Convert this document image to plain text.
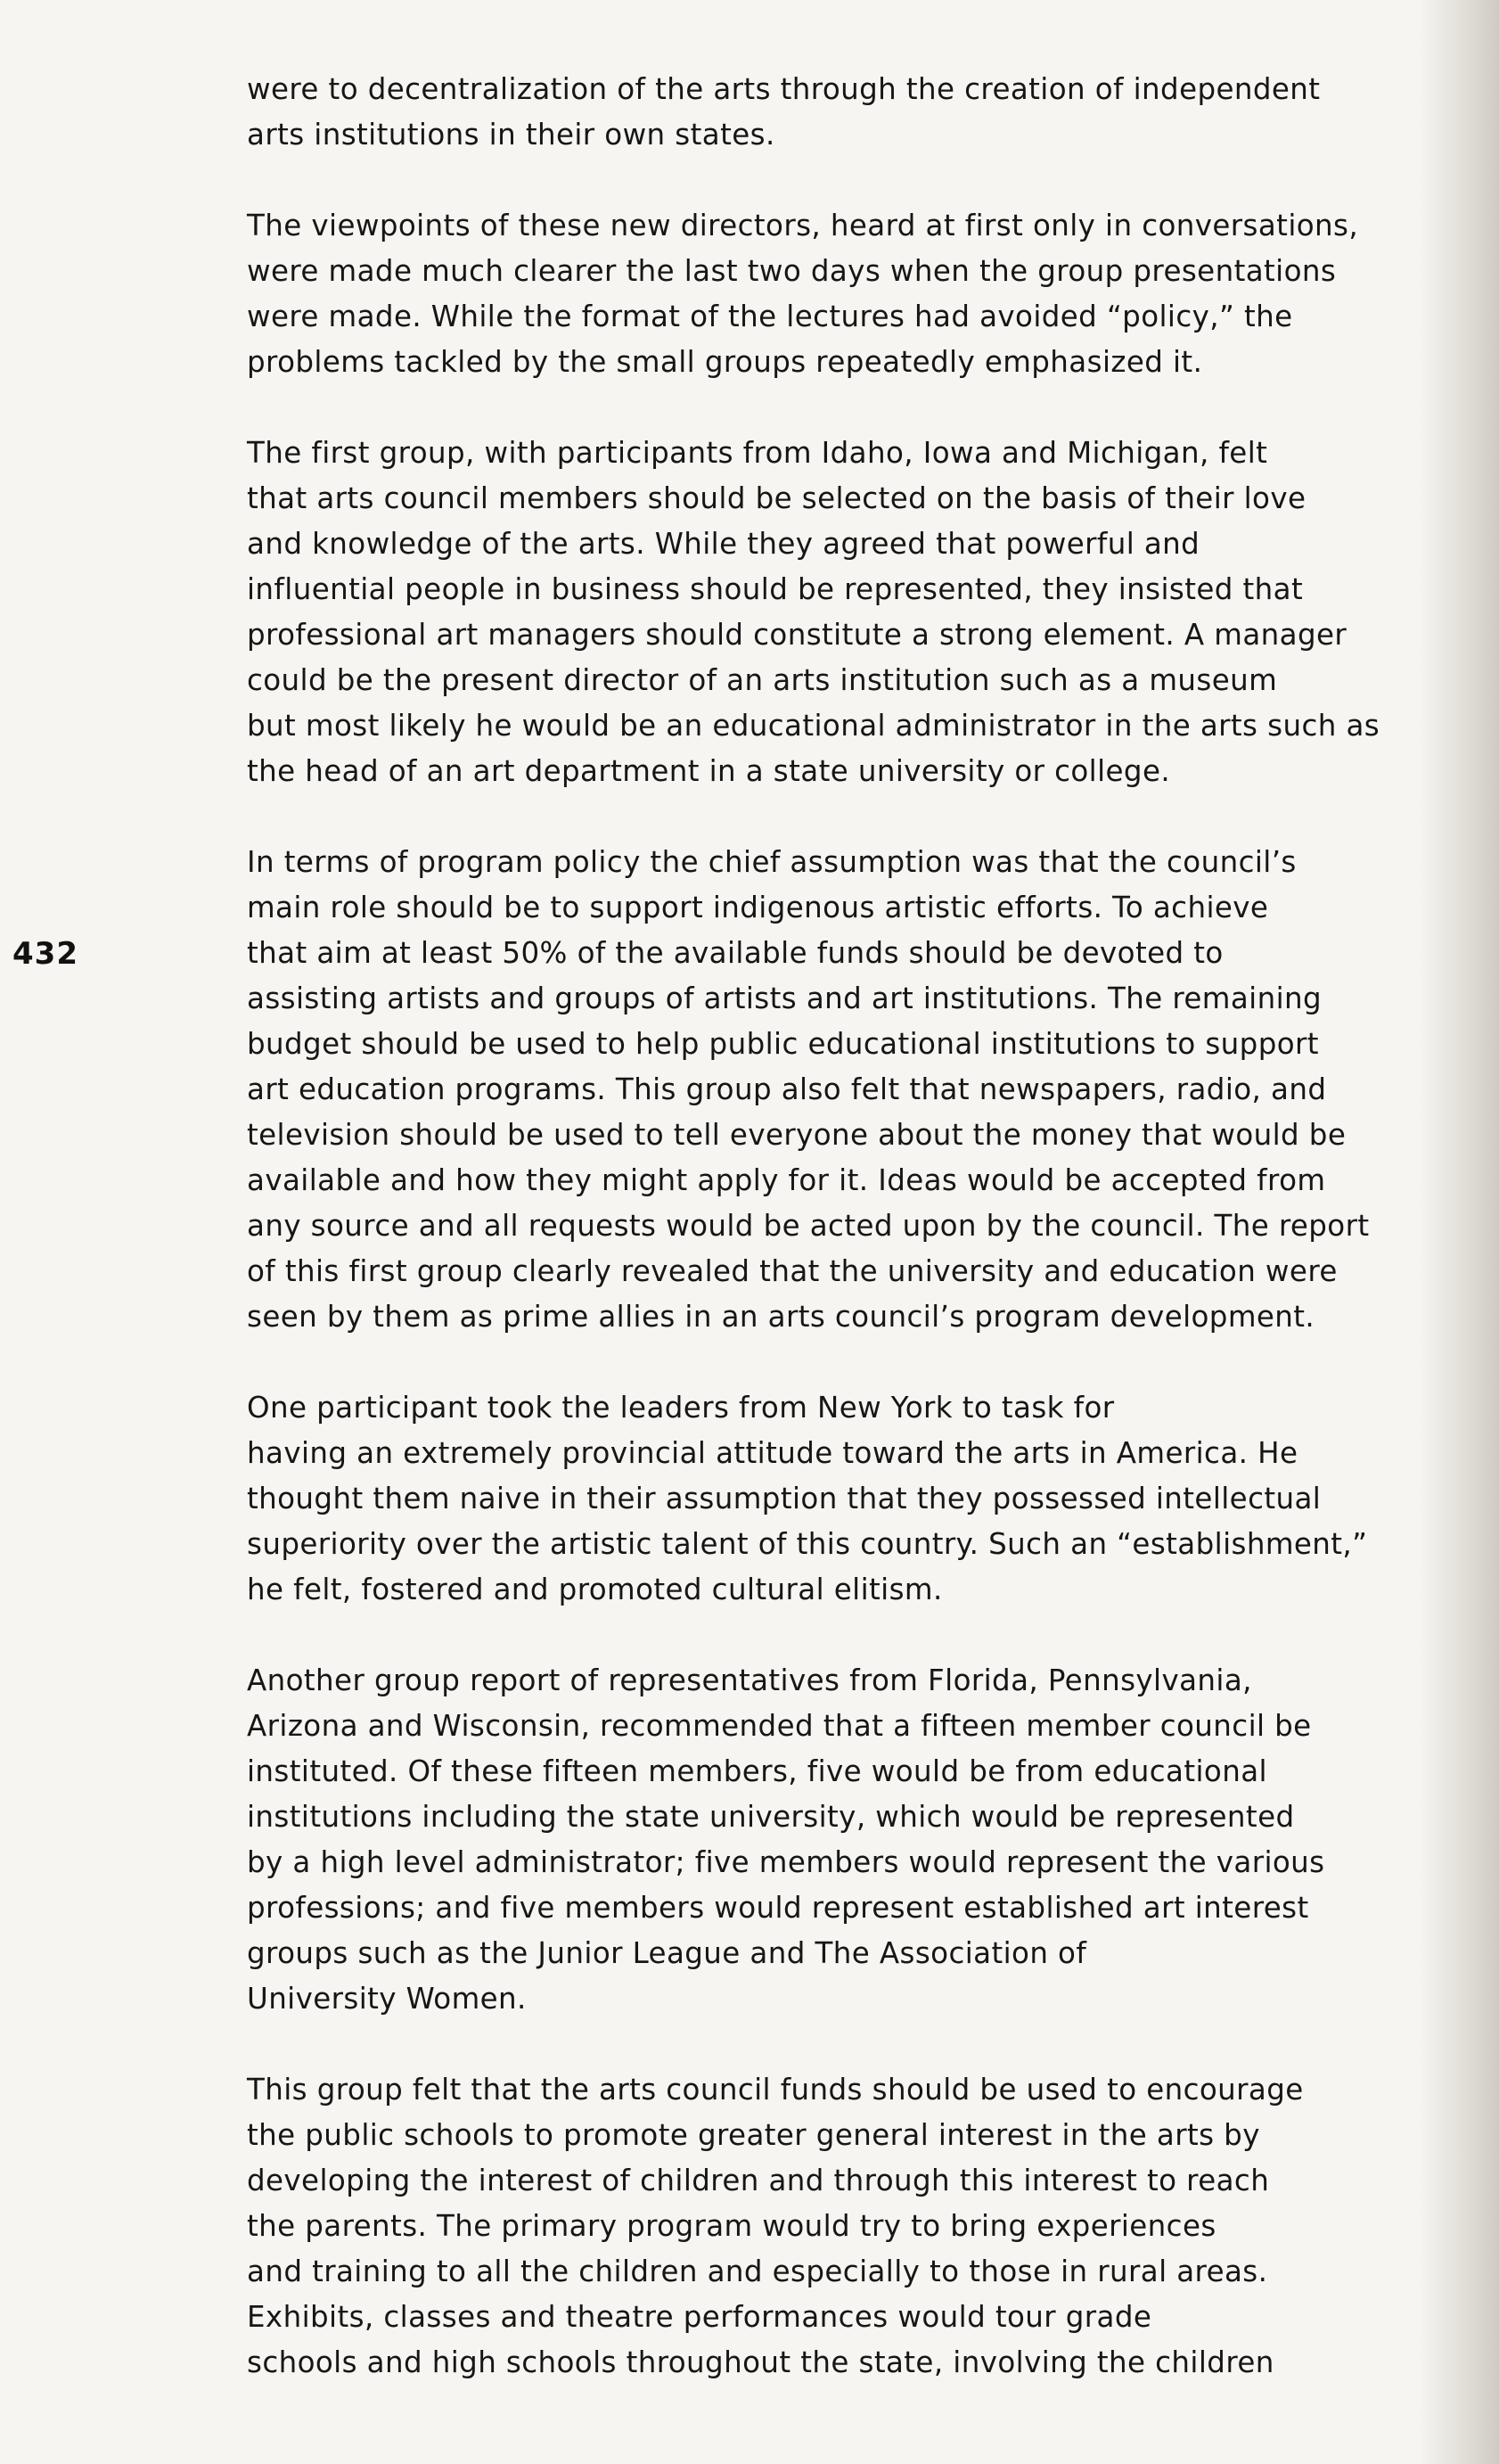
432

were to decentralization of the arts through the creation of independent
arts institutions in their own states.

The viewpoints of these new directors, heard at first only in conversations,
were made much clearer the last two days when the group presentations
were made. While the format of the lectures had avoided “policy,” the
problems tackled by the small groups repeatedly emphasized it.

The first group, with participants from Idaho, Iowa and Michigan, felt
that arts council members should be selected on the basis of their love
and knowledge of the arts. While they agreed that powerful and
influential people in business should be represented, they insisted that
professional art managers should constitute a strong element. A manager
could be the present director of an arts institution such as a museum
but most likely he would be an educational administrator in the arts such as
the head of an art department in a state university or college.

In terms of program policy the chief assumption was that the council’s
main role should be to support indigenous artistic efforts. To achieve
that aim at least 50% of the available funds should be devoted to
assisting artists and groups of artists and art institutions. The remaining
budget should be used to help public educational institutions to support
art education programs. This group also felt that newspapers, radio, and
television should be used to tell everyone about the money that would be
available and how they might apply for it. Ideas would be accepted from
any source and all requests would be acted upon by the council. The report
of this first group clearly revealed that the university and education were
seen by them as prime allies in an arts council’s program development.

One participant took the leaders from New York to task for
having an extremely provincial attitude toward the arts in America. He
thought them naive in their assumption that they possessed intellectual
superiority over the artistic talent of this country. Such an “establishment,”
he felt, fostered and promoted cultural elitism.

Another group report of representatives from Florida, Pennsylvania,
Arizona and Wisconsin, recommended that a fifteen member council be
instituted. Of these fifteen members, five would be from educational
institutions including the state university, which would be represented
by a high level administrator; five members would represent the various
professions; and five members would represent established art interest
groups such as the Junior League and The Association of
University Women.

This group felt that the arts council funds should be used to encourage
the public schools to promote greater general interest in the arts by
developing the interest of children and through this interest to reach
the parents. The primary program would try to bring experiences
and training to all the children and especially to those in rural areas.
Exhibits, classes and theatre performances would tour grade
schools and high schools throughout the state, involving the children
